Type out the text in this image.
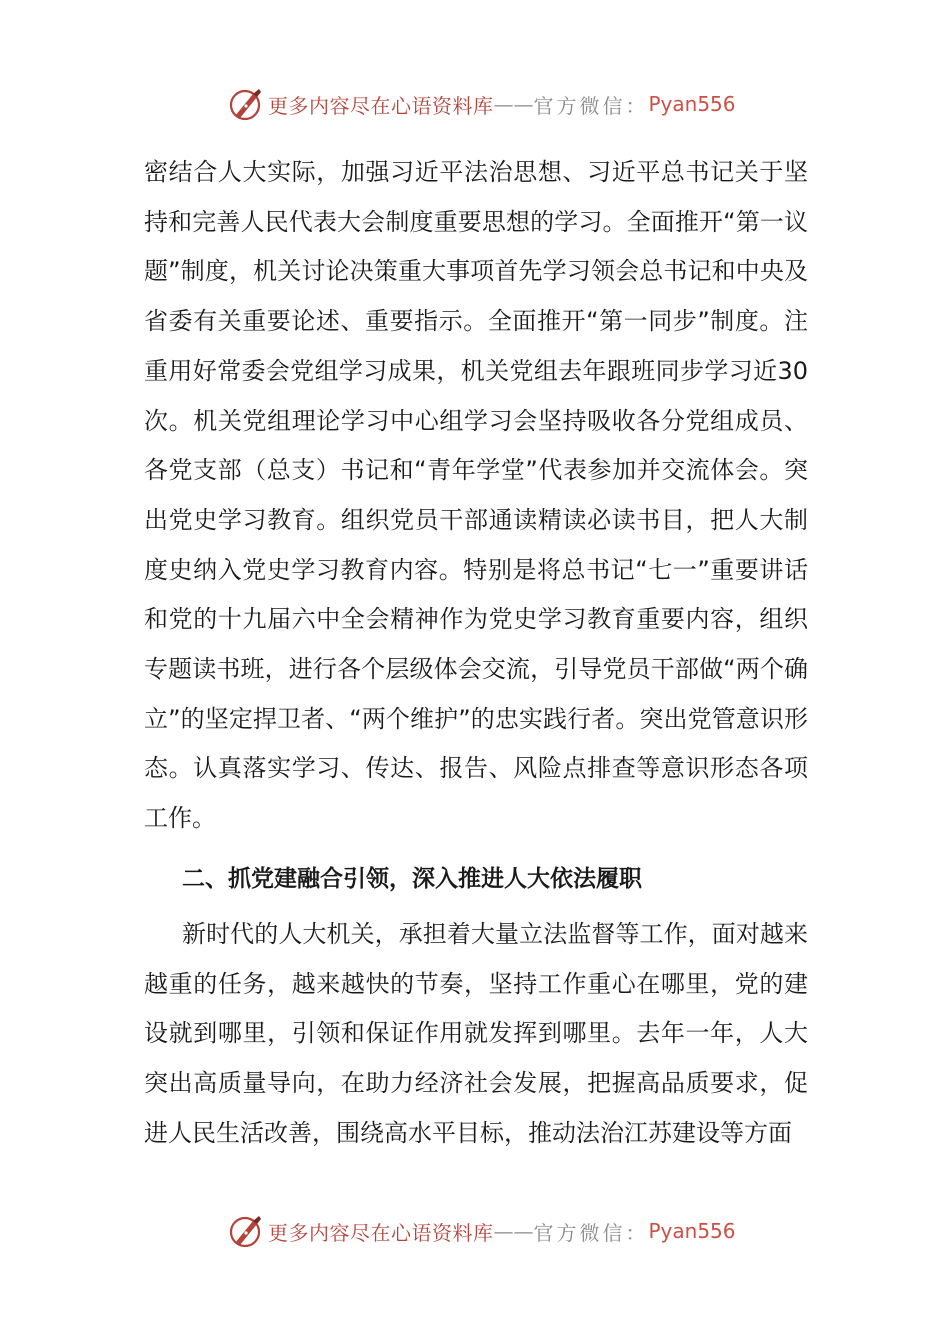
更多内容尽在心语资料库 —— 官方微信： Pyan556

密结合人大实际，加强习近平法治思想、习近平总书记关于坚持和完善人民代表大会制度重要思想的学习。全面推开“第一议题”制度，机关讨论决策重大事项首先学习领会总书记和中央及省委有关重要论述、重要指示。全面推开“第一同步”制度。注重用好常委会党组学习成果，机关党组去年跟班同步学习近30次。机关党组理论学习中心组学习会坚持吸收各分党组成员、各党支部（总支）书记和“青年学堂”代表参加并交流体会。突出党史学习教育。组织党员干部通读精读必读书目，把人大制度史纳入党史学习教育内容。特别是将总书记“七一”重要讲话和党的十九届六中全会精神作为党史学习教育重要内容，组织专题读书班，进行各个层级体会交流，引导党员干部做“两个确立”的坚定捍卫者、“两个维护”的忠实践行者。突出党管意识形态。认真落实学习、传达、报告、风险点排查等意识形态各项工作。

二、抓党建融合引领，深入推进人大依法履职

新时代的人大机关，承担着大量立法监督等工作，面对越来越重的任务，越来越快的节奏，坚持工作重心在哪里，党的建设就到哪里，引领和保证作用就发挥到哪里。去年一年，人大突出高质量导向，在助力经济社会发展，把握高品质要求，促进人民生活改善，围绕高水平目标，推动法治江苏建设等方面

更多内容尽在心语资料库 —— 官方微信： Pyan556
